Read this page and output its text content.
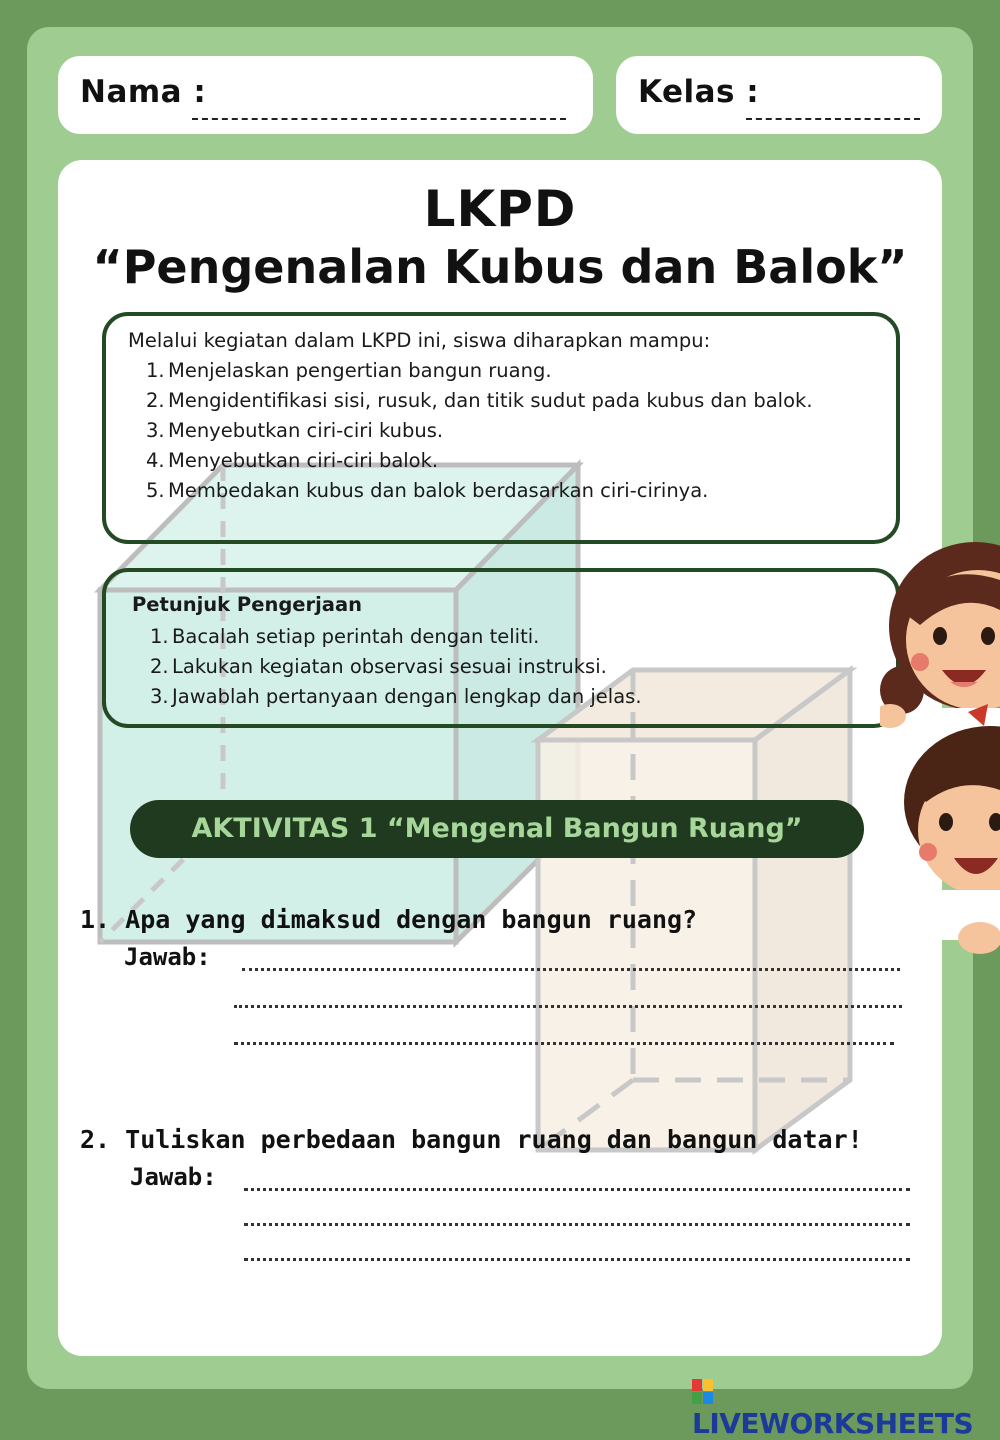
Nama :	Kelas :
LKPD
“Pengenalan Kubus dan Balok”
Melalui kegiatan dalam LKPD ini, siswa diharapkan mampu:
1. Menjelaskan pengertian bangun ruang.
2. Mengidentifikasi sisi, rusuk, dan titik sudut pada kubus dan balok.
3. Menyebutkan ciri-ciri kubus.
4. Menyebutkan ciri-ciri balok.
5. Membedakan kubus dan balok berdasarkan ciri-cirinya.
Petunjuk Pengerjaan
1. Bacalah setiap perintah dengan teliti.
2. Lakukan kegiatan observasi sesuai instruksi.
3. Jawablah pertanyaan dengan lengkap dan jelas.
AKTIVITAS 1 “Mengenal Bangun Ruang”
1. Apa yang dimaksud dengan bangun ruang?
Jawab:
2. Tuliskan perbedaan bangun ruang dan bangun datar!
Jawab:
LIVEWORKSHEETS
